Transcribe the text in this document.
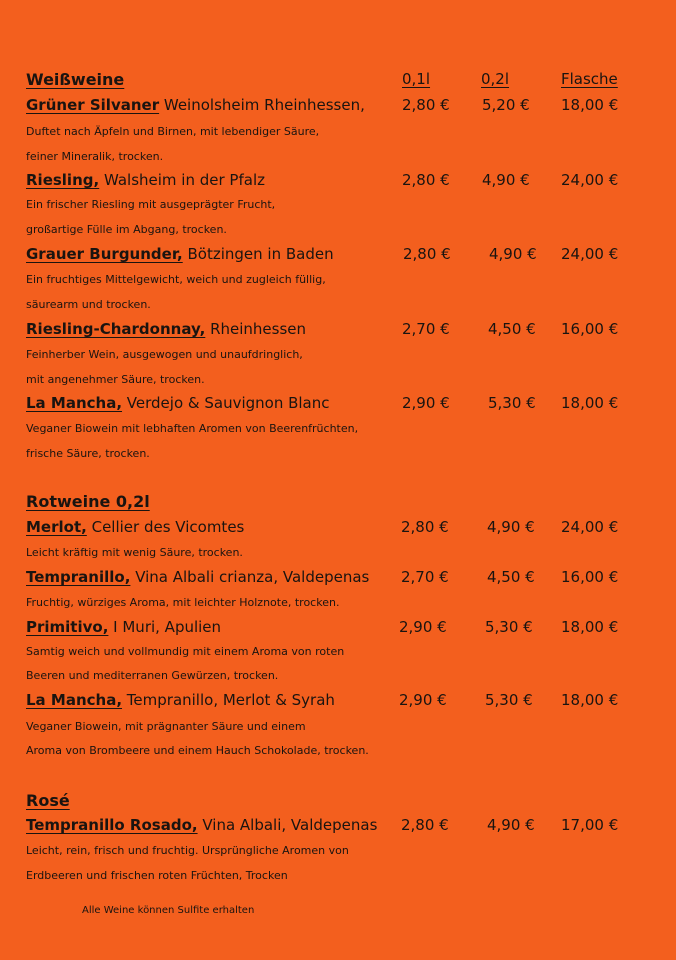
Weißweine	0,1l	0,2l	Flasche
Grüner Silvaner Weinolsheim Rheinhessen, 2,80 € 5,20 € 18,00 €
Duftet nach Äpfeln und Birnen, mit lebendiger Säure,
feiner Mineralik, trocken.
Riesling, Walsheim in der Pfalz	2,80 € 4,90 € 24,00 €
Ein frischer Riesling mit ausgeprägter Frucht,
großartige Fülle im Abgang, trocken.
Grauer Burgunder, Bötzingen in Baden	2,80 €	4,90 € 24,00 €
Ein fruchtiges Mittelgewicht, weich und zugleich füllig,
säurearm und trocken.
Riesling-Chardonnay, Rheinhessen	2,70 €	4,50 € 16,00 €
Feinherber Wein, ausgewogen und unaufdringlich,
mit angenehmer Säure, trocken.
La Mancha, Verdejo & Sauvignon Blanc	2,90 €	5,30 € 18,00 €
Veganer Biowein mit lebhaften Aromen von Beerenfrüchten,
frische Säure, trocken.
Rotweine 0,2l
Merlot, Cellier des Vicomtes	2,80 €	4,90 € 24,00 €
Leicht kräftig mit wenig Säure, trocken.
Tempranillo, Vina Albali crianza, Valdepenas 2,70 €	4,50 € 16,00 €
Fruchtig, würziges Aroma, mit leichter Holznote, trocken.
Primitivo, I Muri, Apulien	2,90 €	5,30 € 18,00 €
Samtig weich und vollmundig mit einem Aroma von roten
Beeren und mediterranen Gewürzen, trocken.
La Mancha, Tempranillo, Merlot & Syrah	2,90 €	5,30 € 18,00 €
Veganer Biowein, mit prägnanter Säure und einem
Aroma von Brombeere und einem Hauch Schokolade, trocken.
Rosé
Tempranillo Rosado, Vina Albali, Valdepenas 2,80 €	4,90 € 17,00 €
Leicht, rein, frisch und fruchtig. Ursprüngliche Aromen von
Erdbeeren und frischen roten Früchten, Trocken
Alle Weine können Sulfite erhalten
